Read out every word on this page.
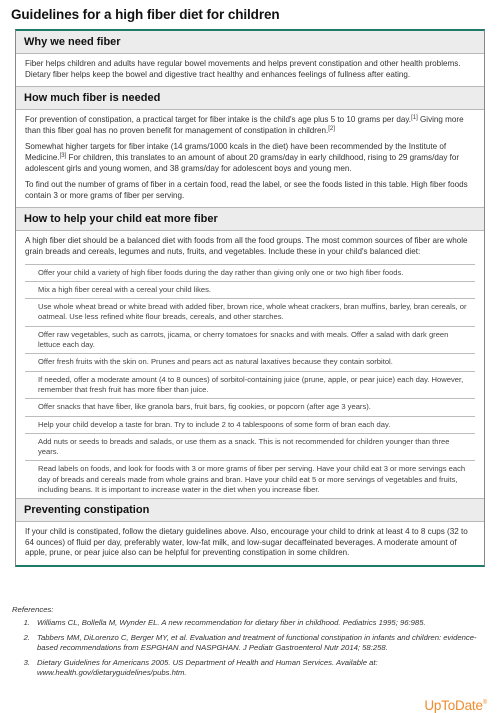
Guidelines for a high fiber diet for children
Why we need fiber

Fiber helps children and adults have regular bowel movements and helps prevent constipation and other health problems. Dietary fiber helps keep the bowel and digestive tract healthy and enhances feelings of fullness after eating.

How much fiber is needed

For prevention of constipation, a practical target for fiber intake is the child's age plus 5 to 10 grams per day.[1] Giving more than this fiber goal has no proven benefit for management of constipation in children.[2]

Somewhat higher targets for fiber intake (14 grams/1000 kcals in the diet) have been recommended by the Institute of Medicine.[3] For children, this translates to an amount of about 20 grams/day in early childhood, rising to 29 grams/day for adolescent girls and young women, and 38 grams/day for adolescent boys and young men.

To find out the number of grams of fiber in a certain food, read the label, or see the foods listed in this table. High fiber foods contain 3 or more grams of fiber per serving.

How to help your child eat more fiber

A high fiber diet should be a balanced diet with foods from all the food groups. The most common sources of fiber are whole grain breads and cereals, legumes and nuts, fruits, and vegetables. Include these in your child's balanced diet:

Offer your child a variety of high fiber foods during the day rather than giving only one or two high fiber foods.
Mix a high fiber cereal with a cereal your child likes.
Use whole wheat bread or white bread with added fiber, brown rice, whole wheat crackers, bran muffins, barley, bran cereals, or oatmeal. Use less refined white flour breads, cereals, and other starches.
Offer raw vegetables, such as carrots, jicama, or cherry tomatoes for snacks and with meals. Offer a salad with dark green lettuce each day.
Offer fresh fruits with the skin on. Prunes and pears act as natural laxatives because they contain sorbitol.
If needed, offer a moderate amount (4 to 8 ounces) of sorbitol-containing juice (prune, apple, or pear juice) each day. However, remember that fresh fruit has more fiber than juice.
Offer snacks that have fiber, like granola bars, fruit bars, fig cookies, or popcorn (after age 3 years).
Help your child develop a taste for bran. Try to include 2 to 4 tablespoons of some form of bran each day.
Add nuts or seeds to breads and salads, or use them as a snack. This is not recommended for children younger than three years.
Read labels on foods, and look for foods with 3 or more grams of fiber per serving. Have your child eat 3 or more servings each day of breads and cereals made from whole grains and bran. Have your child eat 5 or more servings of vegetables and fruits, including beans. It is important to increase water in the diet when you increase fiber.
Preventing constipation

If your child is constipated, follow the dietary guidelines above. Also, encourage your child to drink at least 4 to 8 cups (32 to 64 ounces) of fluid per day, preferably water, low-fat milk, and low-sugar decaffeinated beverages. A moderate amount of apple, prune, or pear juice also can be helpful for preventing constipation in some children.

References:
1. Williams CL, Bollella M, Wynder EL. A new recommendation for dietary fiber in childhood. Pediatrics 1995; 96:985.
2. Tabbers MM, DiLorenzo C, Berger MY, et al. Evaluation and treatment of functional constipation in infants and children: evidence-based recommendations from ESPGHAN and NASPGHAN. J Pediatr Gastroenterol Nutr 2014; 58:258.
3. Dietary Guidelines for Americans 2005. US Department of Health and Human Services. Available at: www.health.gov/dietaryguidelines/pubs.htm.
UpToDate®
